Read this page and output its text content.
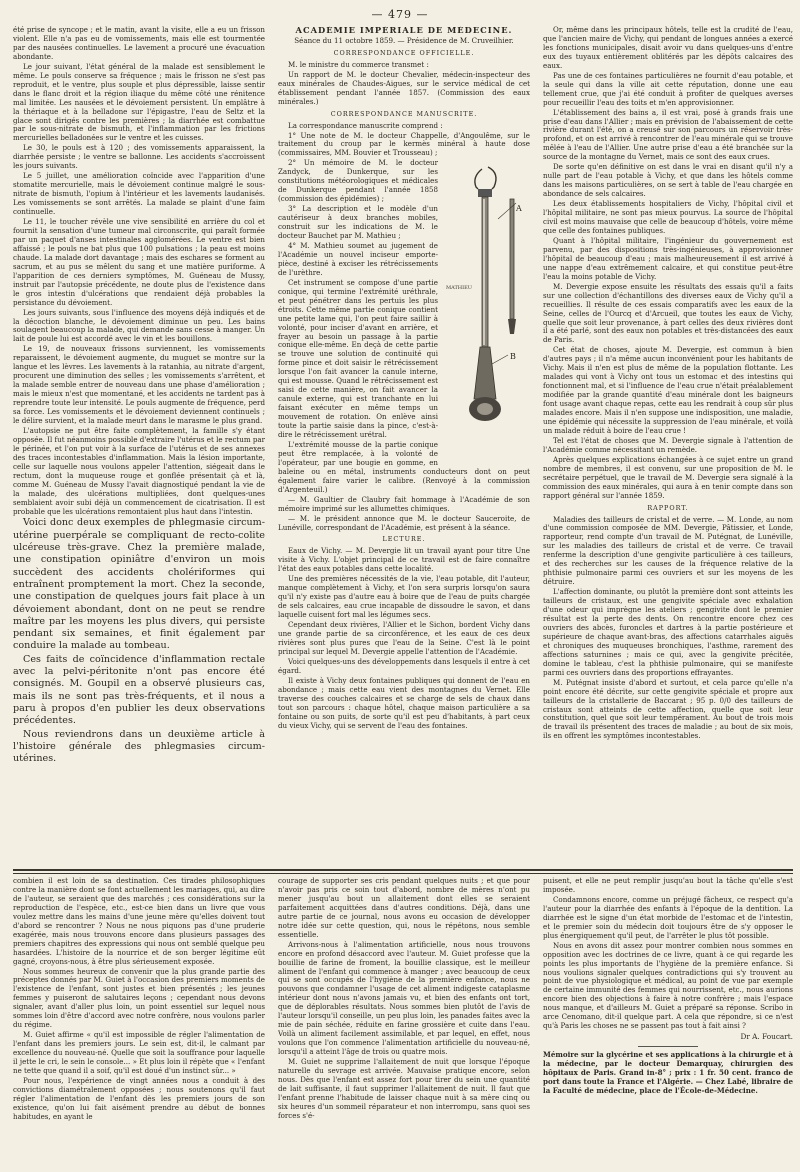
— 479 —

été prise de syncope ; et le matin, avant la visite, elle a eu un frisson violent. Elle n'a pas eu de vomissements, mais elle est tourmentée par des nausées continuelles. Le lavement a procuré une évacuation abondante.

Le jour suivant, l'état général de la malade est sensiblement le même. Le pouls conserve sa fréquence ; mais le frisson ne s'est pas reproduit, et le ventre, plus souple et plus dépressible, laisse sentir dans le flanc droit et la région iliaque du même côté une rénitence mal limitée. Les nausées et le dévoiement persistent. Un emplâtre à la thériaque et à la belladone sur l'épigastre, l'eau de Seltz et la glace sont dirigés contre les premières ; la diarrhée est combattue par le sous-nitrate de bismuth, et l'inflammation par les frictions mercurielles belladonées sur le ventre et les cuisses.

Le 30, le pouls est à 120 ; des vomissements apparaissent, la diarrhée persiste ; le ventre se ballonne. Les accidents s'accroissent les jours suivants.

Le 5 juillet, une amélioration coïncide avec l'apparition d'une stomatite mercurielle, mais le dévoiement continue malgré le sous-nitrate de bismuth, l'opium à l'intérieur et les lavements laudanisés. Les vomissements se sont arrêtés. La malade se plaint d'une faim continuelle.

Le 11, le toucher révèle une vive sensibilité en arrière du col et fournit la sensation d'une tumeur mal circonscrite, qui paraît formée par un paquet d'anses intestinales agglomérées. Le ventre est bien affaissé ; le pouls ne bat plus que 100 pulsations ; la peau est moins chaude. La malade dort davantage ; mais des eschares se forment au sacrum, et au pus se mêlent du sang et une matière puriforme. A l'apparition de ces derniers symptômes, M. Guéneau de Mussy, instruit par l'autopsie précédente, ne doute plus de l'existence dans le gros intestin d'ulcérations que rendaient déjà probables la persistance du dévoiement.

Les jours suivants, sous l'influence des moyens déjà indiqués et de la décoction blanche, le dévoiement diminue un peu. Les bains soulagent beaucoup la malade, qui demande sans cesse à manger. Un lait de poule lui est accordé avec le vin et les bouillons.

Le 19, de nouveaux frissons surviennent, les vomissements reparaissent, le dévoiement augmente, du muguet se montre sur la langue et les lèvres. Les lavements à la ratanhia, au nitrate d'argent, procurent une diminution des selles ; les vomissements s'arrêtent, et la malade semble entrer de nouveau dans une phase d'amélioration ; mais le mieux n'est que momentané, et les accidents ne tardent pas à reprendre toute leur intensité. Le pouls augmente de fréquence, perd sa force. Les vomissements et le dévoiement deviennent continuels ; le délire survient, et la malade meurt dans le marasme le plus grand.

L'autopsie ne put être faite complètement, la famille s'y étant opposée. Il fut néanmoins possible d'extraire l'utérus et le rectum par le périnée, et l'on put voir à la surface de l'utérus et de ses annexes des traces incontestables d'inflammation. Mais la lésion importante, celle sur laquelle nous voulons appeler l'attention, siégeait dans le rectum, dont la muqueuse rouge et gonflée présentait çà et là, comme M. Guéneau de Mussy l'avait diagnostiqué pendant la vie de la malade, des ulcérations multipliées, dont quelques-unes semblaient avoir subi déjà un commencement de cicatrisation. Il est probable que les ulcérations remontaient plus haut dans l'intestin.

Voici donc deux exemples de phlegmasie circum-utérine puerpérale se compliquant de recto-colite ulcéreuse très-grave. Chez la première malade, une constipation opiniâtre d'environ un mois succèdent des accidents cholériformes qui entraînent promptement la mort. Chez la seconde, une constipation de quelques jours fait place à un dévoiement abondant, dont on ne peut se rendre maître par les moyens les plus divers, qui persiste pendant six semaines, et finit également par conduire la malade au tombeau.

Ces faits de coïncidence d'inflammation rectale avec la pelvi-péritonite n'ont pas encore été consignés. M. Goupil en a observé plusieurs cas, mais ils ne sont pas très-fréquents, et il nous a paru à propos d'en publier les deux observations précédentes.

Nous reviendrons dans un deuxième article à l'histoire générale des phlegmasies circum-utérines.

ACADÉMIE IMPÉRIALE DE MÉDECINE.

Séance du 11 octobre 1859. — Présidence de M. Cruveilhier.

CORRESPONDANCE OFFICIELLE.

M. le ministre du commerce transmet :

Un rapport de M. le docteur Chevalier, médecin-inspecteur des eaux minérales de Chaudes-Aigues, sur le service médical de cet établissement pendant l'année 1857. (Commission des eaux minérales.)

CORRESPONDANCE MANUSCRITE.

La correspondance manuscrite comprend :

1° Une note de M. le docteur Chappelle, d'Angoulême, sur le traitement du croup par le kermès minéral à haute dose (commissaires, MM. Bouvier et Trousseau) ;

MATHIEU
A
B

2° Un mémoire de M. le docteur Zandyck, de Dunkerque, sur les constitutions météorologiques et médicales de Dunkerque pendant l'année 1858 (commission des épidémies) ;

3° La description et le modèle d'un cautériseur à deux branches mobiles, construit sur les indications de M. le docteur Bauchet par M. Mathieu ;

4° M. Mathieu soumet au jugement de l'Académie un nouvel inciseur emporte-pièce, destiné à exciser les rétrécissements de l'urèthre.

Cet instrument se compose d'une partie conique, qui termine l'extrémité uréthrale, et peut pénétrer dans les pertuis les plus étroits. Cette même partie conique contient une petite lame qui, l'on peut faire saillir à volonté, pour inciser d'avant en arrière, et frayer au besoin un passage à la partie conique elle-même. En deçà de cette partie se trouve une solution de continuité qui forme pince et doit saisir le rétrécissement lorsque l'on fait avancer la canule interne, qui est mousse. Quand le rétrécissement est saisi de cette manière, on fait avancer la canule externe, qui est tranchante en lui faisant exécuter en même temps un mouvement de rotation. On enlève ainsi toute la partie saisie dans la pince, c'est-à-dire le rétrécissement urétral.

L'extrémité mousse de la partie conique peut être remplacée, à la volonté de l'opérateur, par une bougie en gomme, en baleine ou en métal, instruments conducteurs dont on peut également faire varier le calibre. (Renvoyé à la commission d'Argenteuil.)

— M. Gaultier de Claubry fait hommage à l'Académie de son mémoire imprimé sur les allumettes chimiques.

— M. le président annonce que M. le docteur Sauceroite, de Lunéville, correspondant de l'Académie, est présent à la séance.

LECTURE.

Eaux de Vichy. — M. Devergie lit un travail ayant pour titre Une visite à Vichy. L'objet principal de ce travail est de faire connaître l'état des eaux potables dans cette localité.

Une des premières nécessités de la vie, l'eau potable, dit l'auteur, manque complètement à Vichy, et l'on sera surpris lorsqu'on saura qu'il n'y existe pas d'autre eau à boire que de l'eau de puits chargée de sels calcaires, eau crue incapable de dissoudre le savon, et dans laquelle cuisent fort mal les légumes secs.

Cependant deux rivières, l'Allier et le Sichon, bordent Vichy dans une grande partie de sa circonférence, et les eaux de ces deux rivières sont plus pures que l'eau de la Seine. C'est là le point principal sur lequel M. Devergie appelle l'attention de l'Académie.

Voici quelques-uns des développements dans lesquels il entre à cet égard.

Il existe à Vichy deux fontaines publiques qui donnent de l'eau en abondance ; mais cette eau vient des montagnes du Vernet. Elle traverse des couches calcaires et se charge de sels de chaux dans tout son parcours : chaque hôtel, chaque maison particulière a sa fontaine ou son puits, de sorte qu'il est peu d'habitants, à part ceux du vieux Vichy, qui se servent de l'eau des fontaines.

Or, même dans les principaux hôtels, telle est la crudité de l'eau, que l'ancien maire de Vichy, qui pendant de longues années a exercé les fonctions municipales, disait avoir vu dans quelques-uns d'entre eux des tuyaux entièrement oblitérés par les dépôts calcaires des eaux.

Pas une de ces fontaines particulières ne fournit d'eau potable, et la seule qui dans la ville ait cette réputation, donne une eau tellement crue, que j'ai été conduit à profiter de quelques averses pour recueillir l'eau des toits et m'en approvisionner.

L'établissement des bains a, il est vrai, posé à grands frais une prise d'eau dans l'Allier ; mais en prévision de l'abaissement de cette rivière durant l'été, on a creusé sur son parcours un réservoir très-profond, et on est arrivé à rencontrer de l'eau minérale qui se trouve mêlée à l'eau de l'Allier. Une autre prise d'eau a été branchée sur la source de la montagne du Vernet, mais ce sont des eaux crues.

De sorte qu'en définitive on est dans le vrai en disant qu'il n'y a nulle part de l'eau potable à Vichy, et que dans les hôtels comme dans les maisons particulières, on se sert à table de l'eau chargée en abondance de sels calcaires.

Les deux établissements hospitaliers de Vichy, l'hôpital civil et l'hôpital militaire, ne sont pas mieux pourvus. La source de l'hôpital civil est moins mauvaise que celle de beaucoup d'hôtels, voire même que celle des fontaines publiques.

Quant à l'hôpital militaire, l'ingénieur du gouvernement est parvenu, par des dispositions très-ingénieuses, à approvisionner l'hôpital de beaucoup d'eau ; mais malheureusement il est arrivé à une nappe d'eau extrêmement calcaire, et qui constitue peut-être l'eau la moins potable de Vichy.

M. Devergie expose ensuite les résultats des essais qu'il a faits sur une collection d'échantillons des diverses eaux de Vichy qu'il a recueillies. Il résulte de ces essais comparatifs avec les eaux de la Seine, celles de l'Ourcq et d'Arcueil, que toutes les eaux de Vichy, quelle que soit leur provenance, à part celles des deux rivières dont il a été parlé, sont des eaux non potables et très-distancées des eaux de Paris.

Cet état de choses, ajoute M. Devergie, est commun à bien d'autres pays ; il n'a même aucun inconvénient pour les habitants de Vichy. Mais il n'en est plus de même de la population flottante. Les malades qui vont à Vichy ont tous un estomac et des intestins qui fonctionnent mal, et si l'influence de l'eau crue n'était préalablement modifiée par la grande quantité d'eau minérale dont les baigneurs font usage avant chaque repas, cette eau les rendrait à coup sûr plus malades encore. Mais il n'en suppose une indisposition, une maladie, une épidémie qui nécessite la suppression de l'eau minérale, et voilà un malade réduit à boire de l'eau crue !

Tel est l'état de choses que M. Devergie signale à l'attention de l'Académie comme nécessitant un remède.

Après quelques explications échangées à ce sujet entre un grand nombre de membres, il est convenu, sur une proposition de M. le secrétaire perpétuel, que le travail de M. Devergie sera signalé à la commission des eaux minérales, qui aura à en tenir compte dans son rapport général sur l'année 1859.

RAPPORT.

Maladies des tailleurs de cristal et de verre. — M. Londe, au nom d'une commission composée de MM. Devergie, Pâtissier, et Londe, rapporteur, rend compte d'un travail de M. Putégnat, de Lunéville, sur les maladies des tailleurs de cristal et de verre. Ce travail renferme la description d'une gengivite particulière à ces tailleurs, et des recherches sur les causes de la fréquence relative de la phthisie pulmonaire parmi ces ouvriers et sur les moyens de les détruire.

L'affection dominante, ou plutôt la première dont sont atteints les tailleurs de cristaux, est une gengivite spéciale avec exhalation d'une odeur qui imprègne les ateliers ; gengivite dont le premier résultat est la perte des dents. On rencontre encore chez ces ouvriers des abcès, furoncles et dartres à la partie postérieure et supérieure de chaque avant-bras, des affections catarrhales aiguës et chroniques des muqueuses bronchiques, l'asthme, rarement des affections saturnines ; mais ce qui, avec la gengivite précitée, domine le tableau, c'est la phthisie pulmonaire, qui se manifeste parmi ces ouvriers dans des proportions effrayantes.

M. Putégnat insiste d'abord et surtout, et cela parce qu'elle n'a point encore été décrite, sur cette gengivite spéciale et propre aux tailleurs de la cristallerie de Baccarat ; 95 p. 0/0 des tailleurs de cristaux sont atteints de cette affection, quelle que soit leur constitution, quel que soit leur tempérament. Au bout de trois mois de travail ils présentent des traces de maladie ; au bout de six mois, ils en offrent les symptômes incontestables.

combien il est loin de sa destination. Ces tirades philosophiques contre la manière dont se font actuellement les mariages, qui, au dire de l'auteur, se seraient que des marchés ; ces considérations sur la reproduction de l'espèce, etc., est-ce bien dans un livre que vous voulez mettre dans les mains d'une jeune mère qu'elles doivent tout d'abord se rencontrer ? Nous ne nous piquons pas d'une pruderie exagérée, mais nous trouvons encore dans plusieurs passages des premiers chapitres des expressions qui nous ont semblé quelque peu hasardées. L'histoire de la nourrice et de son berger légitime eût gagné, croyons-nous, à être plus sérieusement exposée.

Nous sommes heureux de convenir que la plus grande partie des préceptes donnés par M. Guiet à l'occasion des premiers moments de l'existence de l'enfant, sont justes et bien présentés ; les jeunes femmes y puiseront de salutaires leçons ; cependant nous devons signaler, avant d'aller plus loin, un point essentiel sur lequel nous sommes loin d'être d'accord avec notre confrère, nous voulons parler du régime.

M. Guiet affirme « qu'il est impossible de régler l'alimentation de l'enfant dans les premiers jours. Le sein est, dit-il, le calmant par excellence du nouveau-né. Quelle que soit la souffrance pour laquelle il jette le cri, le sein le console... » Et plus loin il répète que « l'enfant ne tette que quand il a soif, qu'il est doué d'un instinct sûr... »

Pour nous, l'expérience de vingt années nous a conduit à des convictions diamétralement opposées ; nous soutenons qu'il faut régler l'alimentation de l'enfant dès les premiers jours de son existence, qu'on lui fait aisément prendre au début de bonnes habitudes, en ayant le

courage de supporter ses cris pendant quelques nuits ; et que pour n'avoir pas pris ce soin tout d'abord, nombre de mères n'ont pu mener jusqu'au bout un allaitement dont elles se seraient parfaitement acquittées dans d'autres conditions. Déjà, dans une autre partie de ce journal, nous avons eu occasion de développer notre idée sur cette question, qui, nous le répétons, nous semble essentielle.

Arrivons-nous à l'alimentation artificielle, nous nous trouvons encore en profond désaccord avec l'auteur. M. Guiet professe que la bouillie de farine de froment, la bouillie classique, est le meilleur aliment de l'enfant qui commence à manger ; avec beaucoup de ceux qui se sont occupés de l'hygiène de la première enfance, nous ne pouvons que condamner l'usage de cet aliment indigeste cataplasme intérieur dont nous n'avons jamais vu, et bien des enfants ont tort, que de déplorables résultats. Nous sommes bien plutôt de l'avis de l'auteur lorsqu'il conseille, un peu plus loin, les panades faites avec la mie de pain séchée, réduite en farine grossière et cuite dans l'eau. Voilà un aliment facilement assimilable, et par lequel, en effet, nous voulons que l'on commence l'alimentation artificielle du nouveau-né, lorsqu'il a atteint l'âge de trois ou quatre mois.

M. Guiet ne supprime l'allaitement de nuit que lorsque l'époque naturelle du sevrage est arrivée. Mauvaise pratique encore, selon nous. Dès que l'enfant est assez fort pour tirer du sein une quantité de lait suffisante, il faut supprimer l'allaitement de nuit. Il faut que l'enfant prenne l'habitude de laisser chaque nuit à sa mère cinq ou six heures d'un sommeil réparateur et non interrompu, sans quoi ses forces s'é-

puisent, et elle ne peut remplir jusqu'au bout la tâche qu'elle s'est imposée.

Condamnons encore, comme un préjugé fâcheux, ce respect qu'a l'auteur pour la diarrhée des enfants à l'époque de la dentition. La diarrhée est le signe d'un état morbide de l'estomac et de l'intestin, et le premier soin du médecin doit toujours être de s'y opposer le plus énergiquement qu'il peut, de l'arrêter le plus tôt possible.

Nous en avons dit assez pour montrer combien nous sommes en opposition avec les doctrines de ce livre, quant à ce qui regarde les points les plus importants de l'hygiène de la première enfance. Si nous voulions signaler quelques contradictions qui s'y trouvent au point de vue physiologique et médical, au point de vue par exemple de certaine immunité des femmes qui nourrissent, etc., nous aurions encore bien des objections à faire à notre confrère ; mais l'espace nous manque, et d'ailleurs M. Guiet a préparé sa réponse. Scribo in arce Cenomano, dit-il quelque part. A cela que répondre, si ce n'est qu'à Paris les choses ne se passent pas tout à fait ainsi ?

Dr A. Foucart.

Mémoire sur la glycérine et ses applications à la chirurgie et à la médecine, par le docteur Demarquay, chirurgien des hôpitaux de Paris. Grand in-8° ; prix : 1 fr. 50 cent. franco de port dans toute la France et l'Algérie. — Chez Labé, libraire de la Faculté de médecine, place de l'École-de-Médecine.
